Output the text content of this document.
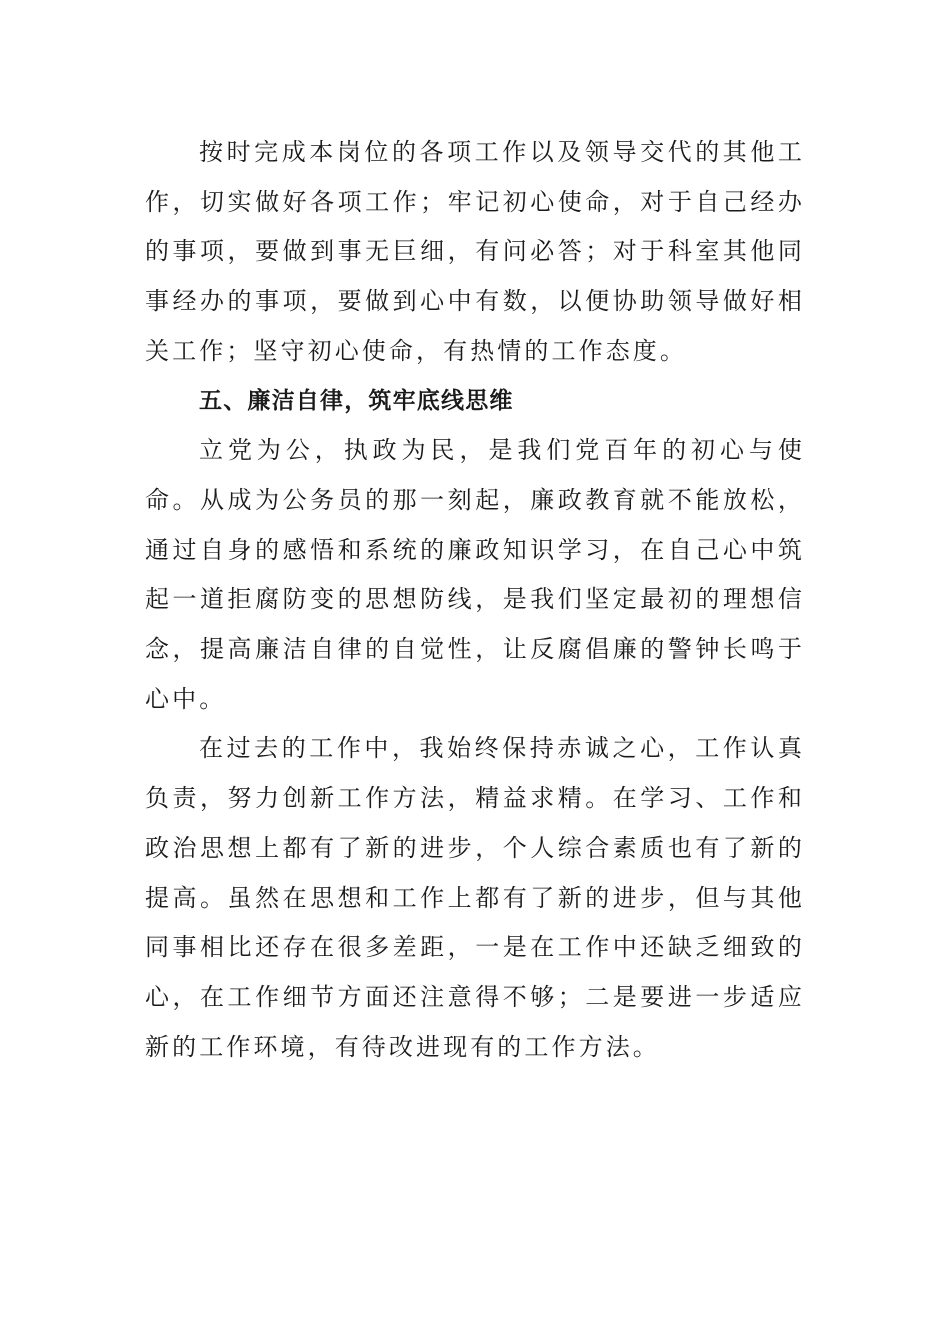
按时完成本岗位的各项工作以及领导交代的其他工作，切实做好各项工作；牢记初心使命，对于自己经办的事项，要做到事无巨细，有问必答；对于科室其他同事经办的事项，要做到心中有数，以便协助领导做好相关工作；坚守初心使命，有热情的工作态度。

五、廉洁自律，筑牢底线思维

立党为公，执政为民，是我们党百年的初心与使命。从成为公务员的那一刻起，廉政教育就不能放松，通过自身的感悟和系统的廉政知识学习，在自己心中筑起一道拒腐防变的思想防线，是我们坚定最初的理想信念，提高廉洁自律的自觉性，让反腐倡廉的警钟长鸣于心中。

在过去的工作中，我始终保持赤诚之心，工作认真负责，努力创新工作方法，精益求精。在学习、工作和政治思想上都有了新的进步，个人综合素质也有了新的提高。虽然在思想和工作上都有了新的进步，但与其他同事相比还存在很多差距，一是在工作中还缺乏细致的心，在工作细节方面还注意得不够；二是要进一步适应新的工作环境，有待改进现有的工作方法。
